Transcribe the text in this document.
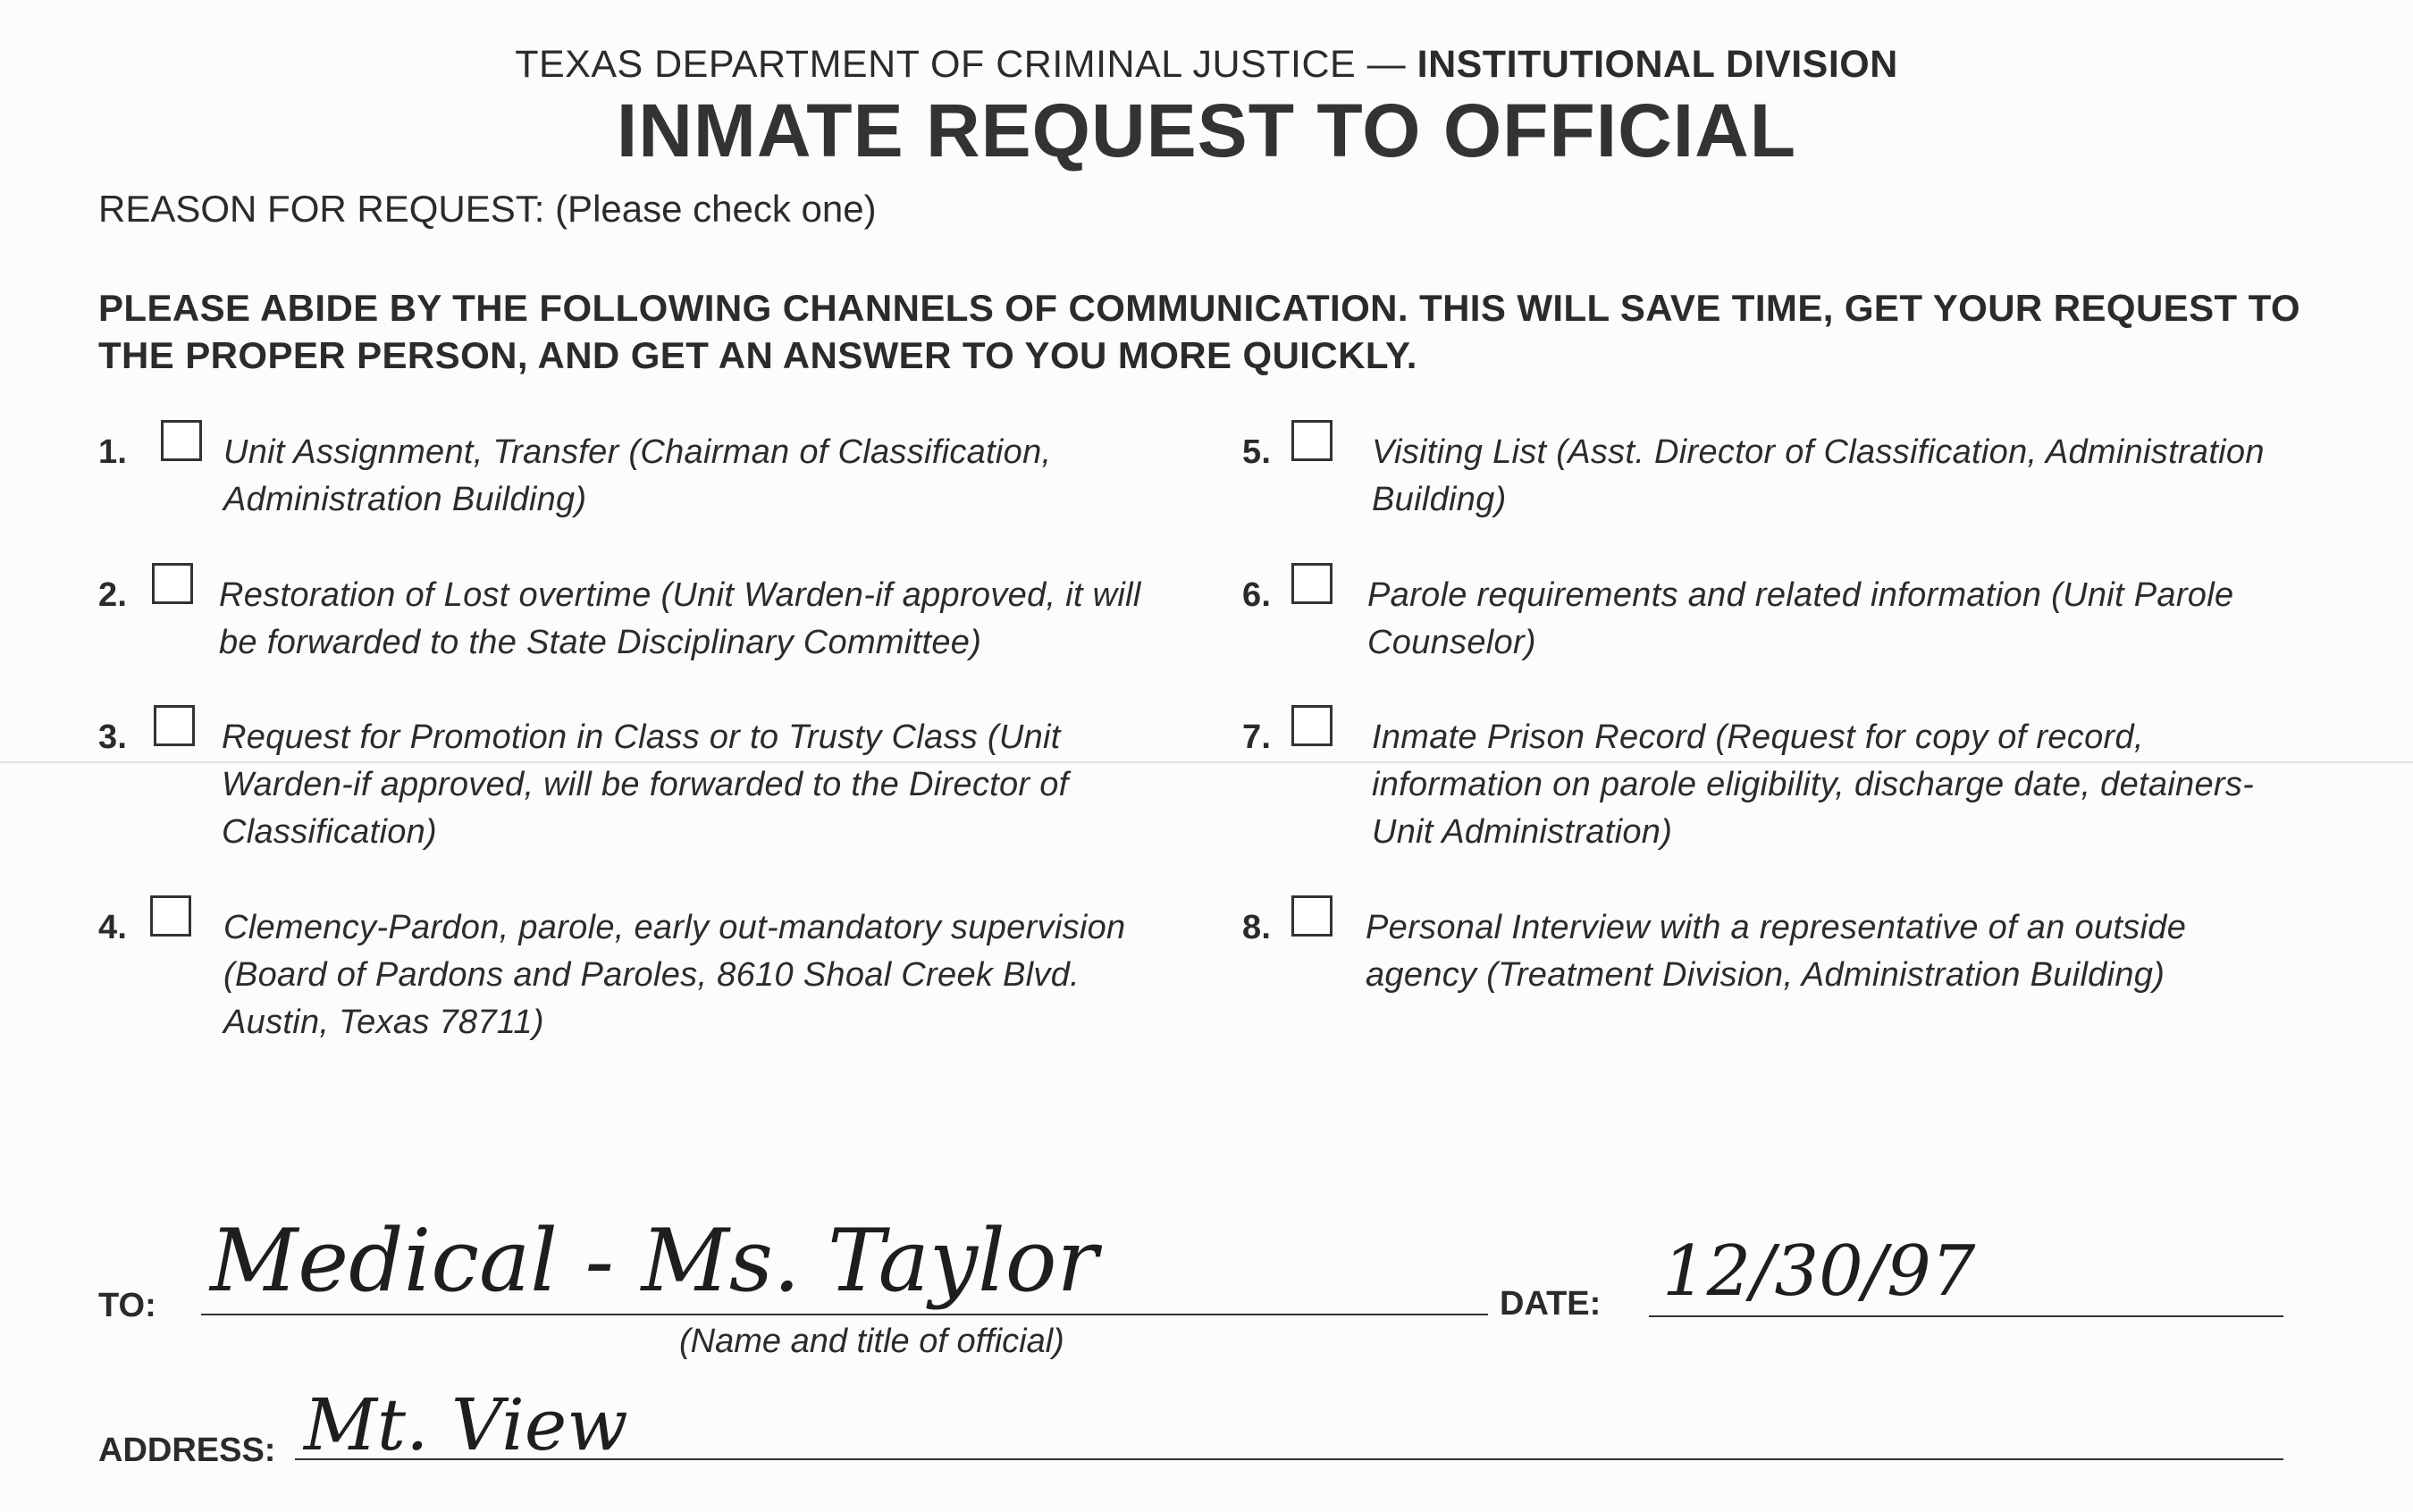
TEXAS DEPARTMENT OF CRIMINAL JUSTICE — INSTITUTIONAL DIVISION
INMATE REQUEST TO OFFICIAL
REASON FOR REQUEST: (Please check one)
PLEASE ABIDE BY THE FOLLOWING CHANNELS OF COMMUNICATION. THIS WILL SAVE TIME, GET YOUR REQUEST TO THE PROPER PERSON, AND GET AN ANSWER TO YOU MORE QUICKLY.
1.	Unit Assignment, Transfer (Chairman of Classification, Administration Building)
2.	Restoration of Lost overtime (Unit Warden-if approved, it will be forwarded to the State Disciplinary Committee)
3.	Request for Promotion in Class or to Trusty Class (Unit Warden-if approved, will be forwarded to the Director of Classification)
4.	Clemency-Pardon, parole, early out-mandatory supervision (Board of Pardons and Paroles, 8610 Shoal Creek Blvd. Austin, Texas 78711)
5.	Visiting List (Asst. Director of Classification, Administration Building)
6.	Parole requirements and related information (Unit Parole Counselor)
7.	Inmate Prison Record (Request for copy of record, information on parole eligibility, discharge date, detainers-Unit Administration)
8.	Personal Interview with a representative of an outside agency (Treatment Division, Administration Building)
TO: Medical - Ms. Taylor
(Name and title of official)
DATE: 12/30/97
ADDRESS: Mt. View
